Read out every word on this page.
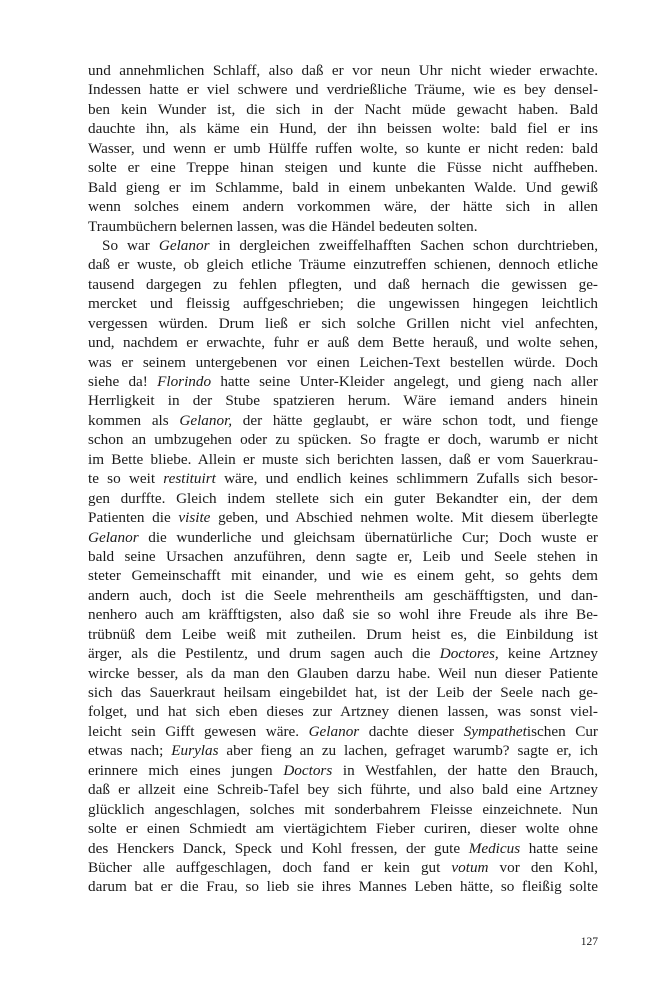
und annehmlichen Schlaff, also daß er vor neun Uhr nicht wieder erwachte.
Indessen hatte er viel schwere und verdrießliche Träume, wie es bey densel-
ben kein Wunder ist, die sich in der Nacht müde gewacht haben. Bald
dauchte ihn, als käme ein Hund, der ihn beissen wolte: bald fiel er ins
Wasser, und wenn er umb Hülffe ruffen wolte, so kunte er nicht reden: bald
solte er eine Treppe hinan steigen und kunte die Füsse nicht auffheben.
Bald gieng er im Schlamme, bald in einem unbekanten Walde. Und gewiß
wenn solches einem andern vorkommen wäre, der hätte sich in allen
Traumbüchern belernen lassen, was die Händel bedeuten solten.
So war Gelanor in dergleichen zweiffelhafften Sachen schon durchtrieben,
daß er wuste, ob gleich etliche Träume einzutreffen schienen, dennoch etliche
tausend dargegen zu fehlen pflegten, und daß hernach die gewissen ge-
mercket und fleissig auffgeschrieben; die ungewissen hingegen leichtlich
vergessen würden. Drum ließ er sich solche Grillen nicht viel anfechten,
und, nachdem er erwachte, fuhr er auß dem Bette herauß, und wolte sehen,
was er seinem untergebenen vor einen Leichen-Text bestellen würde. Doch
siehe da! Florindo hatte seine Unter-Kleider angelegt, und gieng nach aller
Herrligkeit in der Stube spatzieren herum. Wäre iemand anders hinein
kommen als Gelanor, der hätte geglaubt, er wäre schon todt, und fienge
schon an umbzugehen oder zu spücken. So fragte er doch, warumb er nicht
im Bette bliebe. Allein er muste sich berichten lassen, daß er vom Sauerkrau-
te so weit restituirt wäre, und endlich keines schlimmern Zufalls sich besor-
gen durffte. Gleich indem stellete sich ein guter Bekandter ein, der dem
Patienten die visite geben, und Abschied nehmen wolte. Mit diesem überlegte
Gelanor die wunderliche und gleichsam übernatürliche Cur; Doch wuste er
bald seine Ursachen anzuführen, denn sagte er, Leib und Seele stehen in
steter Gemeinschafft mit einander, und wie es einem geht, so gehts dem
andern auch, doch ist die Seele mehrentheils am geschäfftigsten, und dan-
nenhero auch am kräfftigsten, also daß sie so wohl ihre Freude als ihre Be-
trübnüß dem Leibe weiß mit zutheilen. Drum heist es, die Einbildung ist
ärger, als die Pestilentz, und drum sagen auch die Doctores, keine Artzney
wircke besser, als da man den Glauben darzu habe. Weil nun dieser Patiente
sich das Sauerkraut heilsam eingebildet hat, ist der Leib der Seele nach ge-
folget, und hat sich eben dieses zur Artzney dienen lassen, was sonst viel-
leicht sein Gifft gewesen wäre. Gelanor dachte dieser Sympathetischen Cur
etwas nach; Eurylas aber fieng an zu lachen, gefraget warumb? sagte er, ich
erinnere mich eines jungen Doctors in Westfahlen, der hatte den Brauch,
daß er allzeit eine Schreib-Tafel bey sich führte, und also bald eine Artzney
glücklich angeschlagen, solches mit sonderbahrem Fleisse einzeichnete. Nun
solte er einen Schmiedt am viertägichtem Fieber curiren, dieser wolte ohne
des Henckers Danck, Speck und Kohl fressen, der gute Medicus hatte seine
Bücher alle auffgeschlagen, doch fand er kein gut votum vor den Kohl,
darum bat er die Frau, so lieb sie ihres Mannes Leben hätte, so fleißig solte
127
